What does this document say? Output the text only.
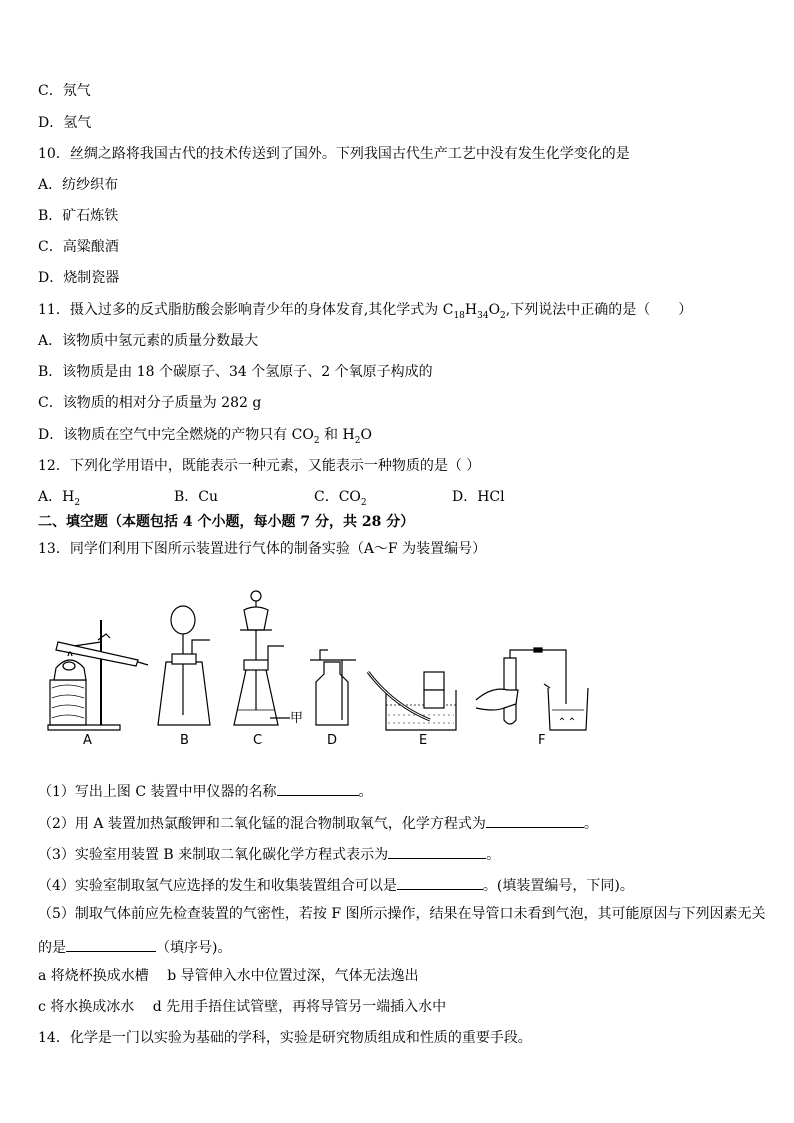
C．氖气
D．氢气
10．丝绸之路将我国古代的技术传送到了国外。下列我国古代生产工艺中没有发生化学变化的是
A．纺纱织布
B．矿石炼铁
C．高粱酿酒
D．烧制瓷器
11．摄入过多的反式脂肪酸会影响青少年的身体发育,其化学式为 $C_{18}H_{34}O_2$,下列说法中正确的是（　　）
A．该物质中氢元素的质量分数最大
B．该物质是由 18 个碳原子、34 个氢原子、2 个氧原子构成的
C．该物质的相对分子质量为 282 g
D．该物质在空气中完全燃烧的产物只有 $CO_2$ 和 $H_2O$
12．下列化学用语中，既能表示一种元素，又能表示一种物质的是（ ）
A．$H_2$	B．Cu	C．$CO_2$	D．HCl
二、填空题（本题包括 4 个小题，每小题 7 分，共 28 分）
13．同学们利用下图所示装置进行气体的制备实验（A～F 为装置编号）
甲
A	B	C	D	E	F
（1）写出上图 C 装置中甲仪器的名称	。
（2）用 A 装置加热氯酸钾和二氧化锰的混合物制取氧气，化学方程式为	。
（3）实验室用装置 B 来制取二氧化碳化学方程式表示为	。
（4）实验室制取氢气应选择的发生和收集装置组合可以是	。(填装置编号，下同)。
（5）制取气体前应先检查装置的气密性，若按 F 图所示操作，结果在导管口未看到气泡，其可能原因与下列因素无关
的是	（填序号)。
a 将烧杯换成水槽　 b 导管伸入水中位置过深，气体无法逸出
c 将水换成冰水　 d 先用手捂住试管壁，再将导管另一端插入水中
14．化学是一门以实验为基础的学科，实验是研究物质组成和性质的重要手段。
